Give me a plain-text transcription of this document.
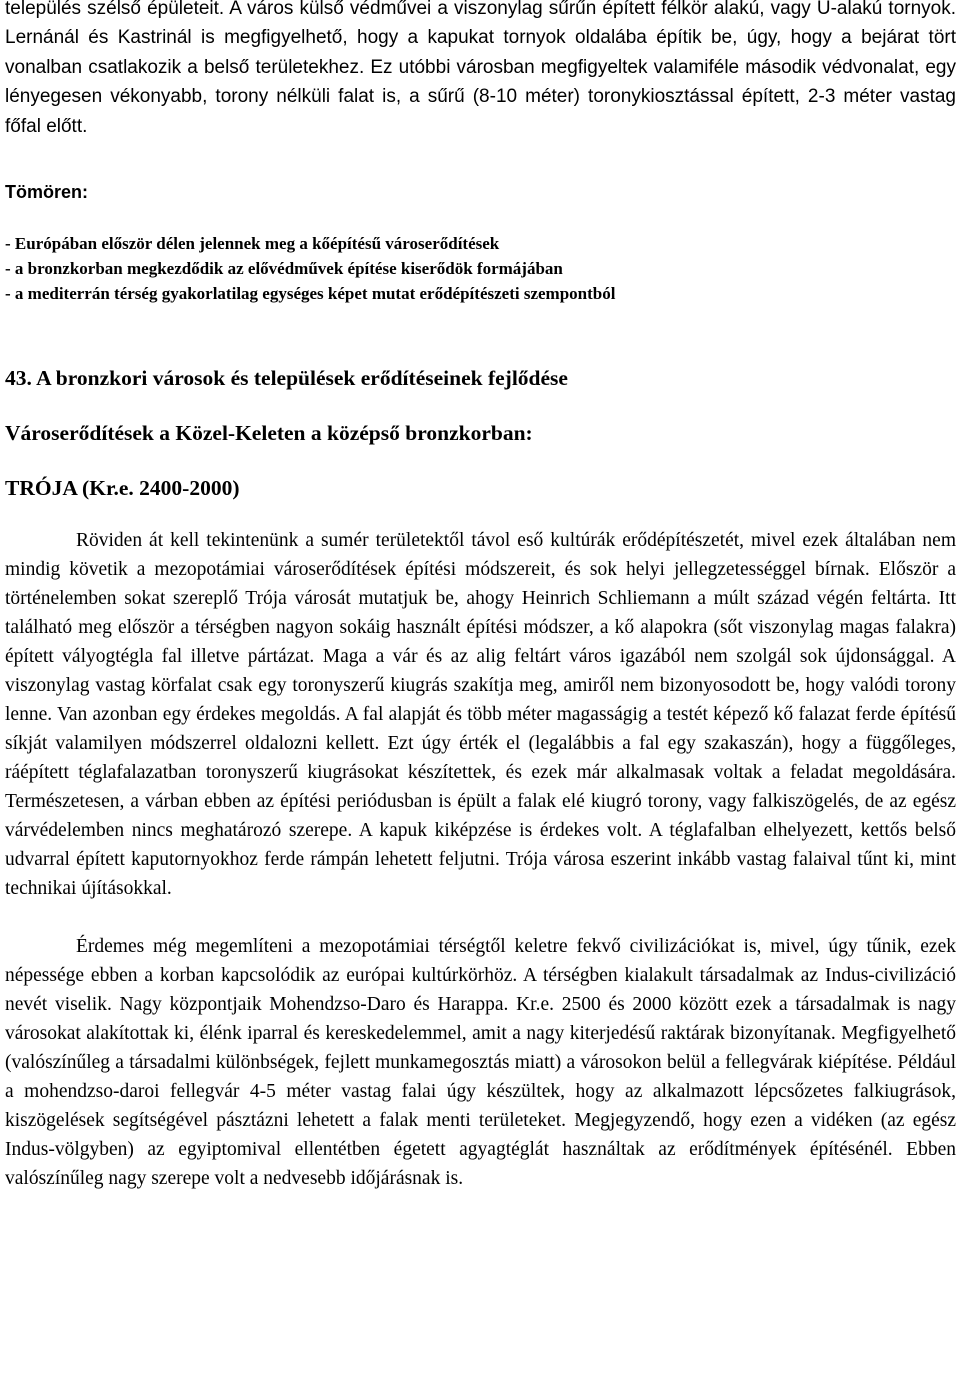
település szélső épületeit. A város külső védművei a viszonylag sűrűn épített félkör alakú, vagy U-alakú tornyok. Lernánál és Kastrinál is megfigyelhető, hogy a kapukat tornyok oldalába építik be, úgy, hogy a bejárat tört vonalban csatlakozik a belső területekhez. Ez utóbbi városban megfigyeltek valamiféle második védvonalat, egy lényegesen vékonyabb, torony nélküli falat is, a sűrű (8-10 méter) toronykiosztással épített, 2-3 méter vastag főfal előtt.

Tömören:
- Európában először délen jelennek meg a kőépítésű városerődítések
- a bronzkorban megkezdődik az elővédművek építése kiserődök formájában
- a mediterrán térség gyakorlatilag egységes képet mutat erődépítészeti szempontból
43. A bronzkori városok és települések erődítéseinek fejlődése
Városerődítések a Közel-Keleten a középső bronzkorban:
TRÓJA (Kr.e. 2400-2000)

Röviden át kell tekintenünk a sumér területektől távol eső kultúrák erődépítészetét, mivel ezek általában nem mindig követik a mezopotámiai városerődítések építési módszereit, és sok helyi jellegzetességgel bírnak. Először a történelemben sokat szereplő Trója városát mutatjuk be, ahogy Heinrich Schliemann a múlt század végén feltárta. Itt található meg először a térségben nagyon sokáig használt építési módszer, a kő alapokra (sőt viszonylag magas falakra) épített vályogtégla fal illetve pártázat. Maga a vár és az alig feltárt város igazából nem szolgál sok újdonsággal. A viszonylag vastag körfalat csak egy toronyszerű kiugrás szakítja meg, amiről nem bizonyosodott be, hogy valódi torony lenne. Van azonban egy érdekes megoldás. A fal alapját és több méter magasságig a testét képező kő falazat ferde építésű síkját valamilyen módszerrel oldalozni kellett. Ezt úgy érték el (legalábbis a fal egy szakaszán), hogy a függőleges, ráépített téglafalazatban toronyszerű kiugrásokat készítettek, és ezek már alkalmasak voltak a feladat megoldására. Természetesen, a várban ebben az építési periódusban is épült a falak elé kiugró torony, vagy falkiszögelés, de az egész várvédelemben nincs meghatározó szerepe. A kapuk kiképzése is érdekes volt. A téglafalban elhelyezett, kettős belső udvarral épített kaputornyokhoz ferde rámpán lehetett feljutni. Trója városa eszerint inkább vastag falaival tűnt ki, mint technikai újításokkal.

Érdemes még megemlíteni a mezopotámiai térségtől keletre fekvő civilizációkat is, mivel, úgy tűnik, ezek népessége ebben a korban kapcsolódik az európai kultúrkörhöz. A térségben kialakult társadalmak az Indus-civilizáció nevét viselik. Nagy központjaik Mohendzso-Daro és Harappa. Kr.e. 2500 és 2000 között ezek a társadalmak is nagy városokat alakítottak ki, élénk iparral és kereskedelemmel, amit a nagy kiterjedésű raktárak bizonyítanak. Megfigyelhető (valószínűleg a társadalmi különbségek, fejlett munkamegosztás miatt) a városokon belül a fellegvárak kiépítése. Például a mohendzso-daroi fellegvár 4-5 méter vastag falai úgy készültek, hogy az alkalmazott lépcsőzetes falkiugrások, kiszögelések segítségével pásztázni lehetett a falak menti területeket. Megjegyzendő, hogy ezen a vidéken (az egész Indus-völgyben) az egyiptomival ellentétben égetett agyagtéglát használtak az erődítmények építésénél. Ebben valószínűleg nagy szerepe volt a nedvesebb időjárásnak is.
